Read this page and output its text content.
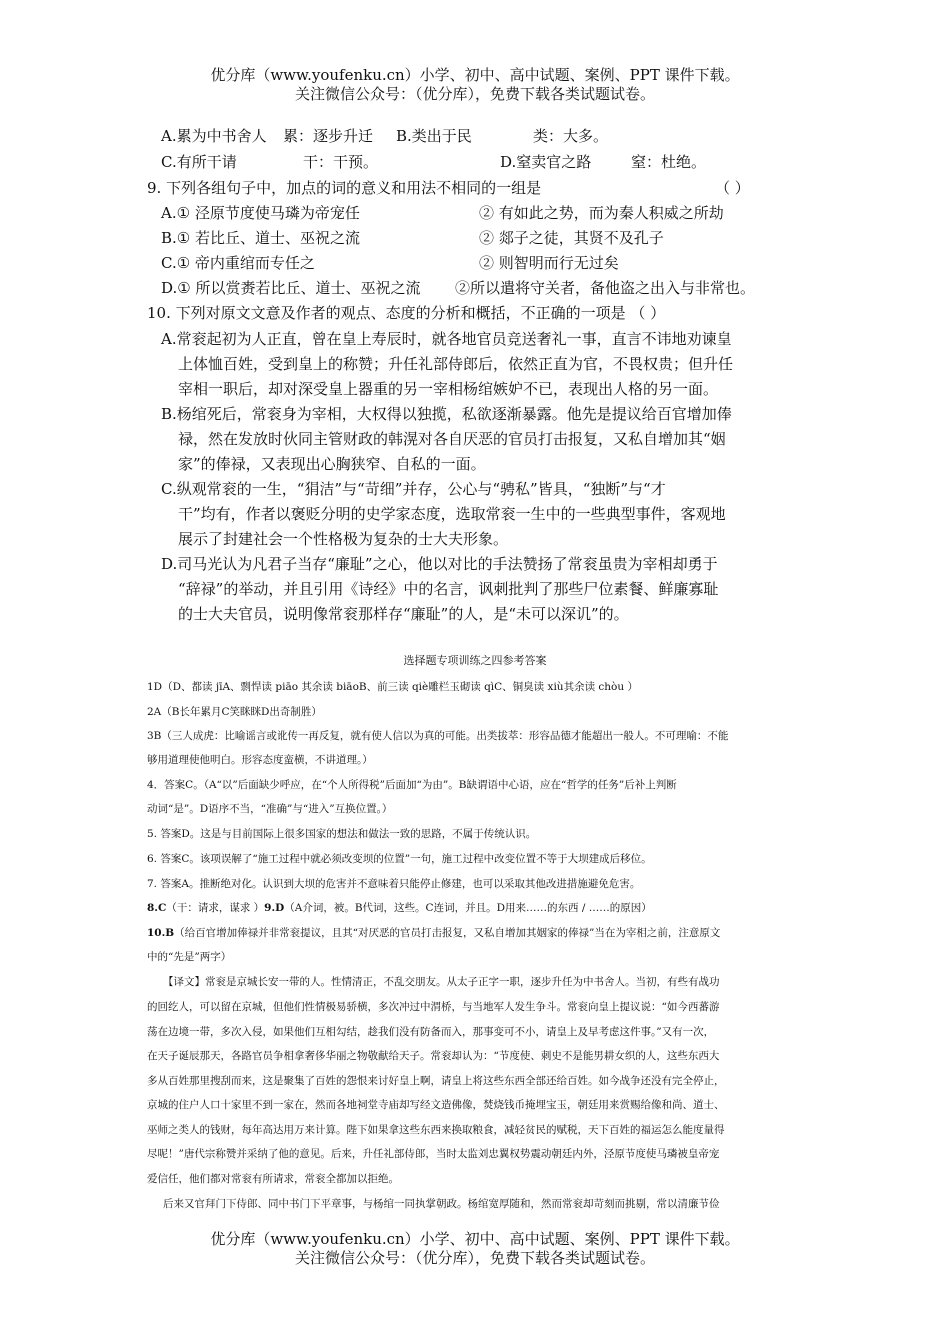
优分库（www.youfenku.cn）小学、初中、高中试题、案例、PPT 课件下载。
关注微信公众号：（优分库），免费下载各类试题试卷。
A.累为中书舍人 累：逐步升迁 B.类出于民	类：大多。
C.有所干请	干：干预。	D.窒卖官之路	窒：杜绝。
9. 下列各组句子中，加点的词的意义和用法不相同的一组是	（ ）
A.① 泾原节度使马璘为帝宠任	② 有如此之势，而为秦人积威之所劫
B.① 若比丘、道士、巫祝之流	② 郯子之徒，其贤不及孔子
C.① 帝内重绾而专任之	② 则智明而行无过矣
D.① 所以赏赉若比丘、道士、巫祝之流 ②所以遣将守关者，备他盗之出入与非常也。
10. 下列对原文文意及作者的观点、态度的分析和概括，不正确的一项是 （ ）
A.常衮起初为人正直，曾在皇上寿辰时，就各地官员竞送奢礼一事，直言不讳地劝谏皇
上体恤百姓，受到皇上的称赞；升任礼部侍郎后，依然正直为官，不畏权贵；但升任
宰相一职后，却对深受皇上器重的另一宰相杨绾嫉妒不已，表现出人格的另一面。
B.杨绾死后，常衮身为宰相，大权得以独揽，私欲逐渐暴露。他先是提议给百官增加俸
禄，然在发放时伙同主管财政的韩滉对各自厌恶的官员打击报复，又私自增加其“姻
家”的俸禄，又表现出心胸狭窄、自私的一面。
C.纵观常衮的一生，“狷洁”与“苛细”并存，公心与“骋私”皆具，“独断”与“才
干”均有，作者以褒贬分明的史学家态度，选取常衮一生中的一些典型事件，客观地
展示了封建社会一个性格极为复杂的士大夫形象。
D.司马光认为凡君子当存“廉耻”之心，他以对比的手法赞扬了常衮虽贵为宰相却勇于
“辞禄”的举动，并且引用《诗经》中的名言，讽刺批判了那些尸位素餐、鲜廉寡耻
的士大夫官员，说明像常衮那样存“廉耻”的人，是“未可以深讥”的。
选择题专项训练之四参考答案
1D（D、都读 jīA、剽悍读 piāo 其余读 biāoB、前三读 qiè雕栏玉砌读 qìC、铜臭读 xiù其余读 chòu ）
2A（B长年累月C笑眯眯D出奇制胜）
3B（三人成虎：比喻谣言或讹传一再反复，就有使人信以为真的可能。出类拔萃：形容品德才能超出一般人。不可理喻：不能
够用道理使他明白。形容态度蛮横，不讲道理。）
4．答案C。（A“以”后面缺少呼应，在“个人所得税”后面加“为由”。B缺谓语中心语，应在“哲学的任务”后补上判断
动词“是”。D语序不当，“准确”与“进入”互换位置。）
5. 答案D。这是与目前国际上很多国家的想法和做法一致的思路，不属于传统认识。
6. 答案C。该项误解了“施工过程中就必须改变坝的位置”一句，施工过程中改变位置不等于大坝建成后移位。
7. 答案A。推断绝对化。认识到大坝的危害并不意味着只能停止修建，也可以采取其他改进措施避免危害。
8.C（干：请求，谋求 ）9.D（A介词，被。B代词，这些。C连词，并且。D用来……的东西 / ……的原因）
10.B（给百官增加俸禄并非常衮提议，且其“对厌恶的官员打击报复，又私自增加其姻家的俸禄”当在为宰相之前，注意原文
中的“先是”两字）
【译文】常衮是京城长安一带的人。性情清正，不乱交朋友。从太子正字一职，逐步升任为中书舍人。当初，有些有战功
的回纥人，可以留在京城，但他们性情极易骄横，多次冲过中渭桥，与当地军人发生争斗。常衮向皇上提议说：“如今西蕃游
荡在边境一带，多次入侵，如果他们互相勾结，趁我们没有防备而入，那事变可不小，请皇上及早考虑这件事。”又有一次，
在天子诞辰那天，各路官员争相拿奢侈华丽之物敬献给天子。常衮却认为：“节度使、刺史不是能男耕女织的人，这些东西大
多从百姓那里搜刮而来，这是聚集了百姓的怨恨来讨好皇上啊，请皇上将这些东西全部还给百姓。如今战争还没有完全停止，
京城的住户人口十家里不到一家在，然而各地祠堂寺庙却写经文造佛像，焚烧钱币掩埋宝玉，朝廷用来赏赐给像和尚、道士、
巫师之类人的钱财，每年高达用万来计算。陛下如果拿这些东西来换取粮食，减轻贫民的赋税，天下百姓的福运怎么能度量得
尽呢！”唐代宗称赞并采纳了他的意见。后来，升任礼部侍郎，当时太监刘忠翼权势震动朝廷内外，泾原节度使马璘被皇帝宠
爱信任，他们都对常衮有所请求，常衮全都加以拒绝。
后来又官拜门下侍郎、同中书门下平章事，与杨绾一同执掌朝政。杨绾宽厚随和，然而常衮却苛刻而挑剔，常以清廉节俭
优分库（www.youfenku.cn）小学、初中、高中试题、案例、PPT 课件下载。
关注微信公众号：（优分库），免费下载各类试题试卷。
